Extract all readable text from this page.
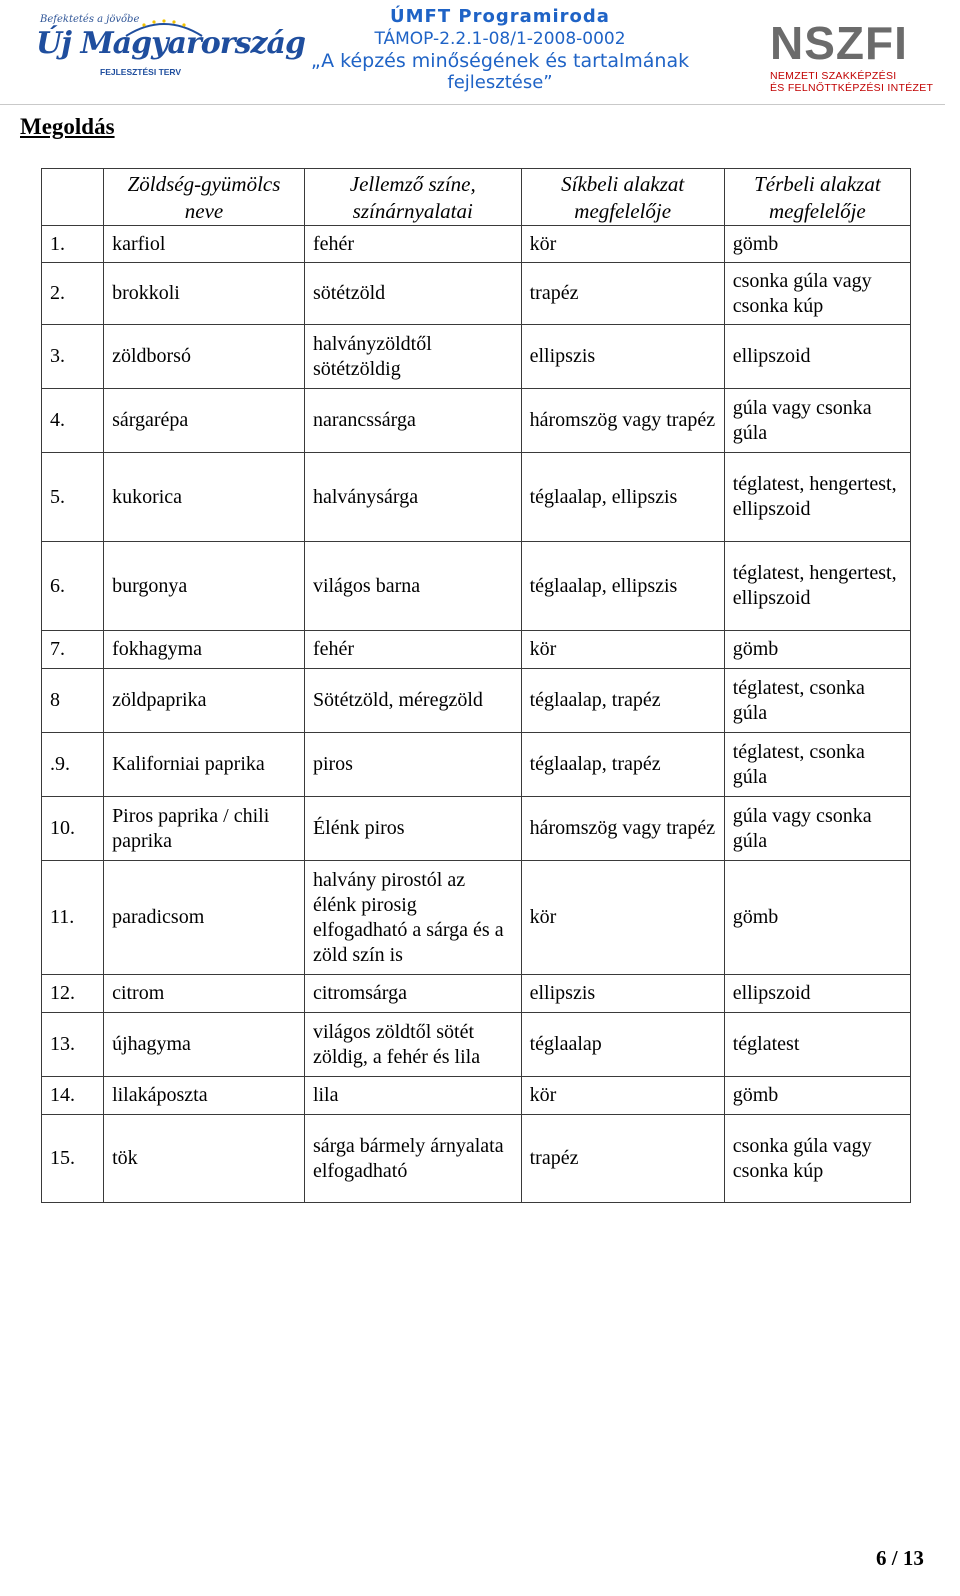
Befektetés a jövőbe
Új Magyarország
FEJLESZTÉSI TERV
ÚMFT Programiroda
TÁMOP-2.2.1-08/1-2008-0002
„A képzés minőségének és tartalmának
fejlesztése”
NSZFI
NEMZETI SZAKKÉPZÉSI
ÉS FELNŐTTKÉPZÉSI INTÉZET
Megoldás
	Zöldség-gyümölcs neve	Jellemző színe, színárnyalatai	Síkbeli alakzat megfelelője	Térbeli alakzat megfelelője
1.	karfiol	fehér	kör	gömb
2.	brokkoli	sötétzöld	trapéz	csonka gúla vagy csonka kúp
3.	zöldborsó	halványzöldtől sötétzöldig	ellipszis	ellipszoid
4.	sárgarépa	narancssárga	háromszög vagy trapéz	gúla vagy csonka gúla
5.	kukorica	halványsárga	téglaalap, ellipszis	téglatest, hengertest, ellipszoid
6.	burgonya	világos barna	téglaalap, ellipszis	téglatest, hengertest, ellipszoid
7.	fokhagyma	fehér	kör	gömb
8	zöldpaprika	Sötétzöld, méregzöld	téglaalap, trapéz	téglatest, csonka gúla
.9.	Kaliforniai paprika	piros	téglaalap, trapéz	téglatest, csonka gúla
10.	Piros paprika / chili paprika	Élénk piros	háromszög vagy trapéz	gúla vagy csonka gúla
11.	paradicsom	halvány pirostól az élénk pirosig elfogadható a sárga és a zöld szín is	kör	gömb
12.	citrom	citromsárga	ellipszis	ellipszoid
13.	újhagyma	világos zöldtől sötét zöldig, a fehér és lila	téglaalap	téglatest
14.	lilakáposzta	lila	kör	gömb
15.	tök	sárga bármely árnyalata elfogadható	trapéz	csonka gúla vagy csonka kúp
6 / 13
